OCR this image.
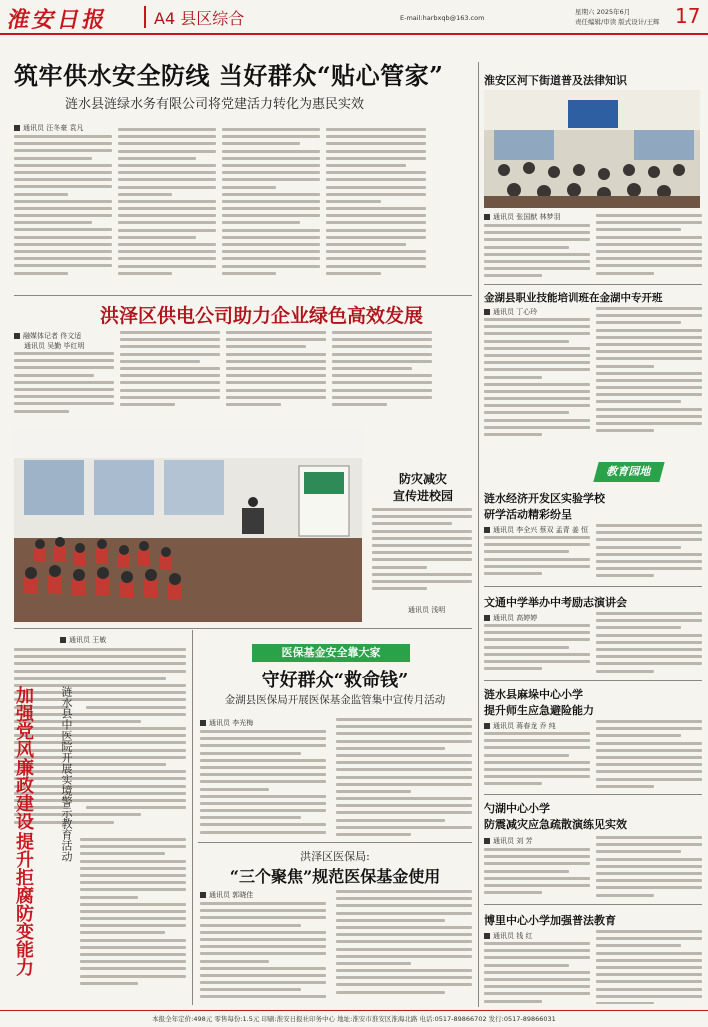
淮安日报	A4 县区综合	E-mail:harbxqb@163.com
星期六 2025年6月
责任编辑/审读 版式设计/王辉 17
筑牢供水安全防线 当好群众“贴心管家”
涟水县涟绿水务有限公司将党建活力转化为惠民实效
通讯员 汪冬豪 袁凡
洪泽区供电公司助力企业绿色高效发展
融媒体记者 佟文适
通讯员 吴勤 毕红明
防灾减灾
宣传进校园
通讯员 浅明
通讯员 王敏
加强党风廉政建设
提升拒腐防变能力
涟水县中医院开展实境警示教育活动
医保基金安全靠大家
守好群众“救命钱”
金湖县医保局开展医保基金监管集中宣传月活动
通讯员 李光梅
洪泽区医保局:
“三个聚焦”规范医保基金使用
通讯员 郭晓佳
淮安区河下街道普及法律知识
通讯员 张国猷 林梦羽
金湖县职业技能培训班在金湖中专开班
通讯员 丁心玲
教育园地
涟水经济开发区实验学校
研学活动精彩纷呈
通讯员 李全兴 蔡双 孟青 姜 恒
文通中学举办中考励志演讲会
通讯员 高婷婷
涟水县麻垛中心小学
提升师生应急避险能力
通讯员 蒋春龙 乔 纯
勺湖中心小学
防震减灾应急疏散演练见实效
通讯员 刘 芳
博里中心小学加强普法教育
通讯员 钱 红
本报全年定价:498元 零售每份:1.5元 印刷:淮安日报社印务中心 地址:淮安市淮安区淮海北路 电话:0517-89866702 发行:0517-89866031
